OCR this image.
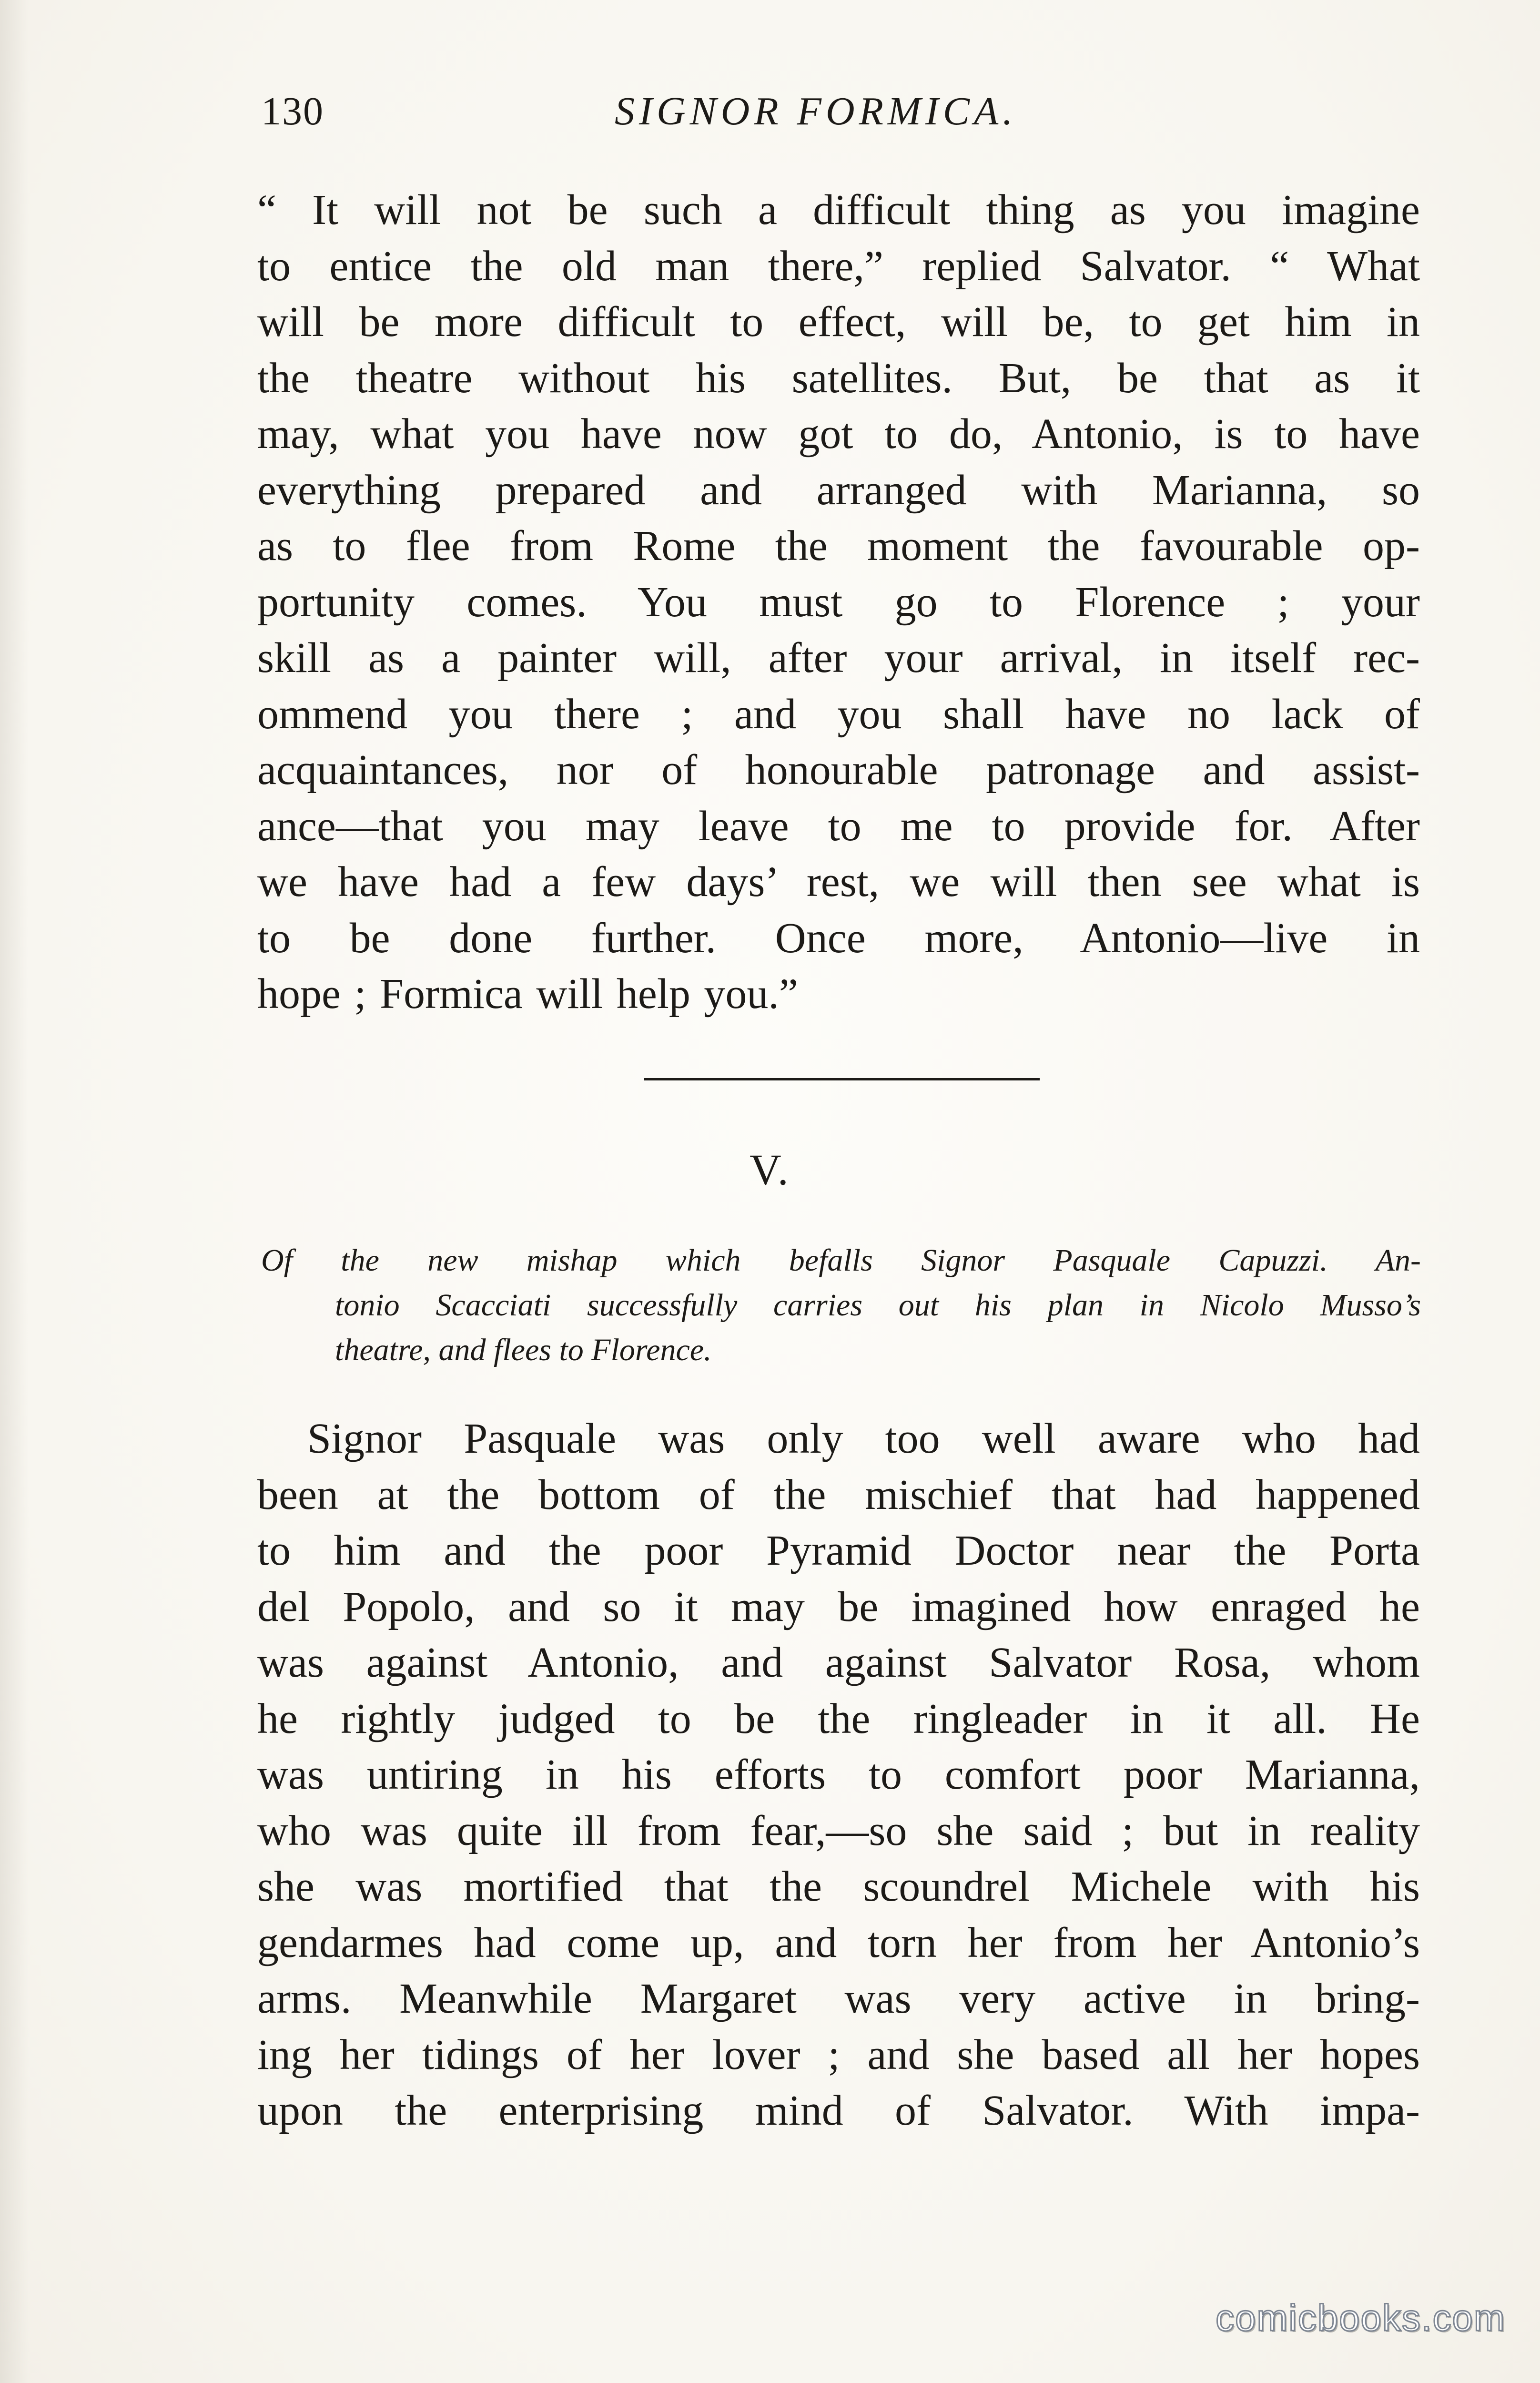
130	SIGNOR FORMICA.
“ It will not be such a difficult thing as you imagine
to entice the old man there,” replied Salvator. “ What
will be more difficult to effect, will be, to get him in
the theatre without his satellites. But, be that as it
may, what you have now got to do, Antonio, is to have
everything prepared and arranged with Marianna, so
as to flee from Rome the moment the favourable op-
portunity comes. You must go to Florence ; your
skill as a painter will, after your arrival, in itself rec-
ommend you there ; and you shall have no lack of
acquaintances, nor of honourable patronage and assist-
ance—that you may leave to me to provide for. After
we have had a few days’ rest, we will then see what is
to be done further. Once more, Antonio—live in
hope ; Formica will help you.”
V.
Of the new mishap which befalls Signor Pasquale Capuzzi. An-
tonio Scacciati successfully carries out his plan in Nicolo Musso’s
theatre, and flees to Florence.
Signor Pasquale was only too well aware who had
been at the bottom of the mischief that had happened
to him and the poor Pyramid Doctor near the Porta
del Popolo, and so it may be imagined how enraged he
was against Antonio, and against Salvator Rosa, whom
he rightly judged to be the ringleader in it all. He
was untiring in his efforts to comfort poor Marianna,
who was quite ill from fear,—so she said ; but in reality
she was mortified that the scoundrel Michele with his
gendarmes had come up, and torn her from her Antonio’s
arms. Meanwhile Margaret was very active in bring-
ing her tidings of her lover ; and she based all her hopes
upon the enterprising mind of Salvator. With impa-
comicbooks.com
